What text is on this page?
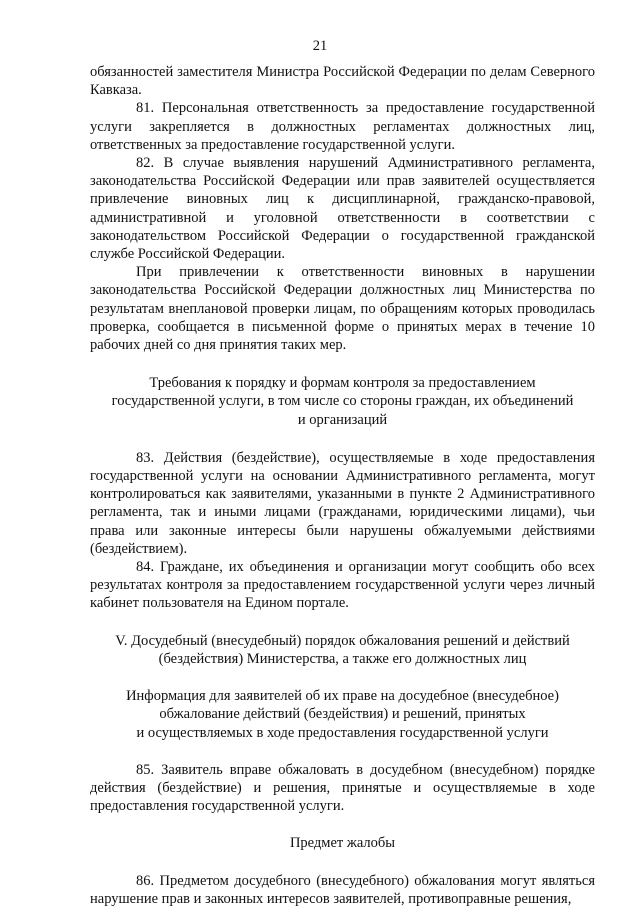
21

обязанностей заместителя Министра Российской Федерации по делам Северного Кавказа.

81. Персональная ответственность за предоставление государственной услуги закрепляется в должностных регламентах должностных лиц, ответственных за предоставление государственной услуги.

82. В случае выявления нарушений Административного регламента, законодательства Российской Федерации или прав заявителей осуществляется привлечение виновных лиц к дисциплинарной, гражданско-правовой, административной и уголовной ответственности в соответствии с законодательством Российской Федерации о государственной гражданской службе Российской Федерации.

При привлечении к ответственности виновных в нарушении законодательства Российской Федерации должностных лиц Министерства по результатам внеплановой проверки лицам, по обращениям которых проводилась проверка, сообщается в письменной форме о принятых мерах в течение 10 рабочих дней со дня принятия таких мер.

Требования к порядку и формам контроля за предоставлением

государственной услуги, в том числе со стороны граждан, их объединений

и организаций

83. Действия (бездействие), осуществляемые в ходе предоставления государственной услуги на основании Административного регламента, могут контролироваться как заявителями, указанными в пункте 2 Административного регламента, так и иными лицами (гражданами, юридическими лицами), чьи права или законные интересы были нарушены обжалуемыми действиями (бездействием).

84. Граждане, их объединения и организации могут сообщить обо всех результатах контроля за предоставлением государственной услуги через личный кабинет пользователя на Едином портале.

V. Досудебный (внесудебный) порядок обжалования решений и действий

(бездействия) Министерства, а также его должностных лиц

Информация для заявителей об их праве на досудебное (внесудебное)

обжалование действий (бездействия) и решений, принятых

и осуществляемых в ходе предоставления государственной услуги

85. Заявитель вправе обжаловать в досудебном (внесудебном) порядке действия (бездействие) и решения, принятые и осуществляемые в ходе предоставления государственной услуги.

Предмет жалобы

86. Предметом досудебного (внесудебного) обжалования могут являться нарушение прав и законных интересов заявителей, противоправные решения,
